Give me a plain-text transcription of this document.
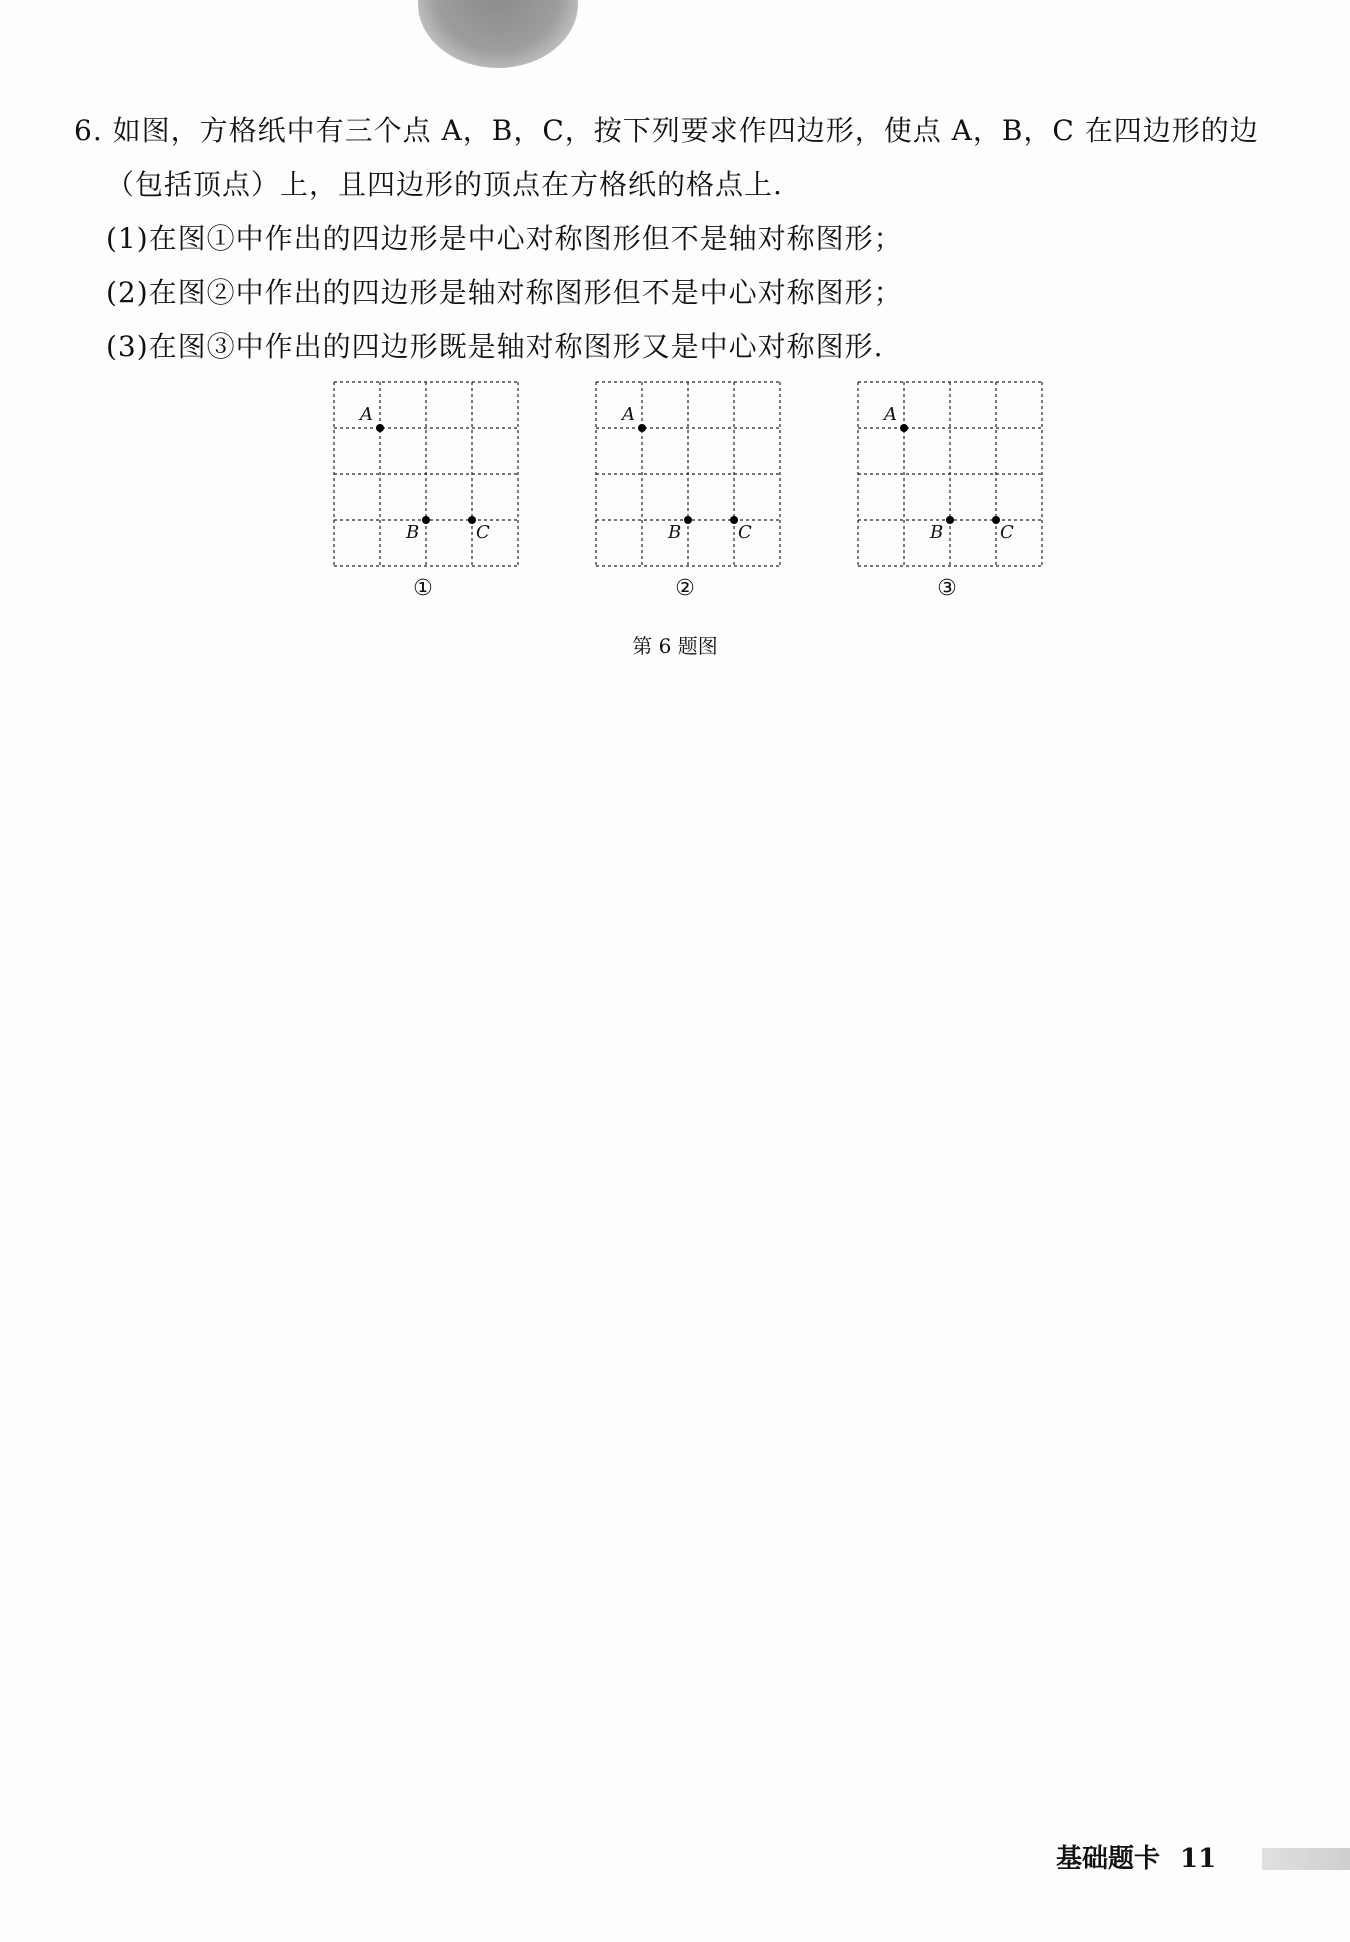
6. 如图，方格纸中有三个点 A，B，C，按下列要求作四边形，使点 A，B，C 在四边形的边
（包括顶点）上，且四边形的顶点在方格纸的格点上.
(1)在图①中作出的四边形是中心对称图形但不是轴对称图形；
(2)在图②中作出的四边形是轴对称图形但不是中心对称图形；
(3)在图③中作出的四边形既是轴对称图形又是中心对称图形.
A
B	C
①
A
B	C
②
A
B	C
③
第 6 题图
基础题卡 11
